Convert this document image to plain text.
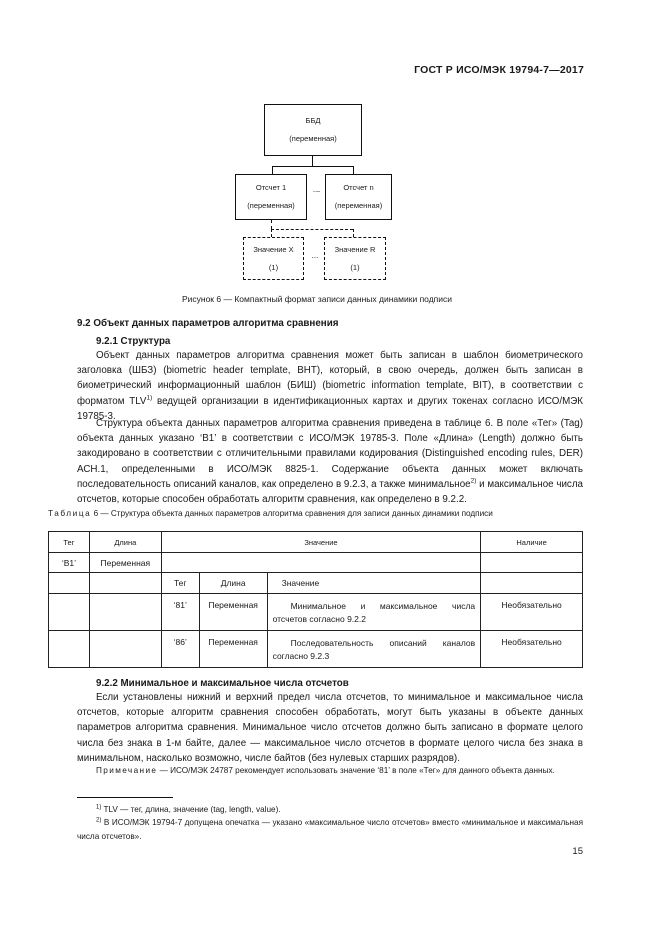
ГОСТ Р ИСО/МЭК 19794-7—2017
ББД
(переменная)
Отсчет 1
(переменная)
......	Отсчет n
(переменная)
Значение X
(1)
...
Значение R
(1)
Рисунок 6 — Компактный формат записи данных динамики подписи
9.2 Объект данных параметров алгоритма сравнения
9.2.1 Структура
Объект данных параметров алгоритма сравнения может быть записан в шаблон биометрического заголовка (ШБЗ) (biometric header template, BHT), который, в свою очередь, должен быть записан в биометрический информационный шаблон (БИШ) (biometric information template, BIT), в соответствии с форматом TLV$^{1)}$ ведущей организации в идентификационных картах и других токенах согласно ИСО/МЭК 19785-3.
Структура объекта данных параметров алгоритма сравнения приведена в таблице 6. В поле «Тег» (Tag) объекта данных указано ‘B1’ в соответствии с ИСО/МЭК 19785-3. Поле «Длина» (Length) должно быть закодировано в соответствии с отличительными правилами кодирования (Distinguished encoding rules, DER) АСН.1, определенными в ИСО/МЭК 8825-1. Содержание объекта данных может включать последовательность описаний каналов, как определено в 9.2.3, а также минимальное$^{2)}$ и максимальное числа отсчетов, которые способен обработать алгоритм сравнения, как определено в 9.2.2.
Таблица 6 — Структура объекта данных параметров алгоритма сравнения для записи данных динамики подписи
Тег	Длина	Значение			Наличие
‘B1’	Переменная				
		Тег	Длина	Значение	
		‘81’	Переменная	Минимальное и максимальное числа отсчетов согласно 9.2.2	Необязательно
		‘86’	Переменная	Последовательность описаний каналов согласно 9.2.3	Необязательно
9.2.2 Минимальное и максимальное числа отсчетов
Если установлены нижний и верхний предел числа отсчетов, то минимальное и максимальное числа отсчетов, которые алгоритм сравнения способен обработать, могут быть указаны в объекте данных параметров алгоритма сравнения. Минимальное число отсчетов должно быть записано в формате целого числа без знака в 1-м байте, далее — максимальное число отсчетов в формате целого числа без знака в минимальном, насколько возможно, числе байтов (без нулевых старших разрядов).
Примечание — ИСО/МЭК 24787 рекомендует использовать значение ‘81’ в поле «Тег» для данного объекта данных.
$^{1)}$ TLV — тег, длина, значение (tag, length, value).
$^{2)}$ В ИСО/МЭК 19794-7 допущена опечатка — указано «максимальное число отсчетов» вместо «минимальное и максимальная числа отсчетов».
15
